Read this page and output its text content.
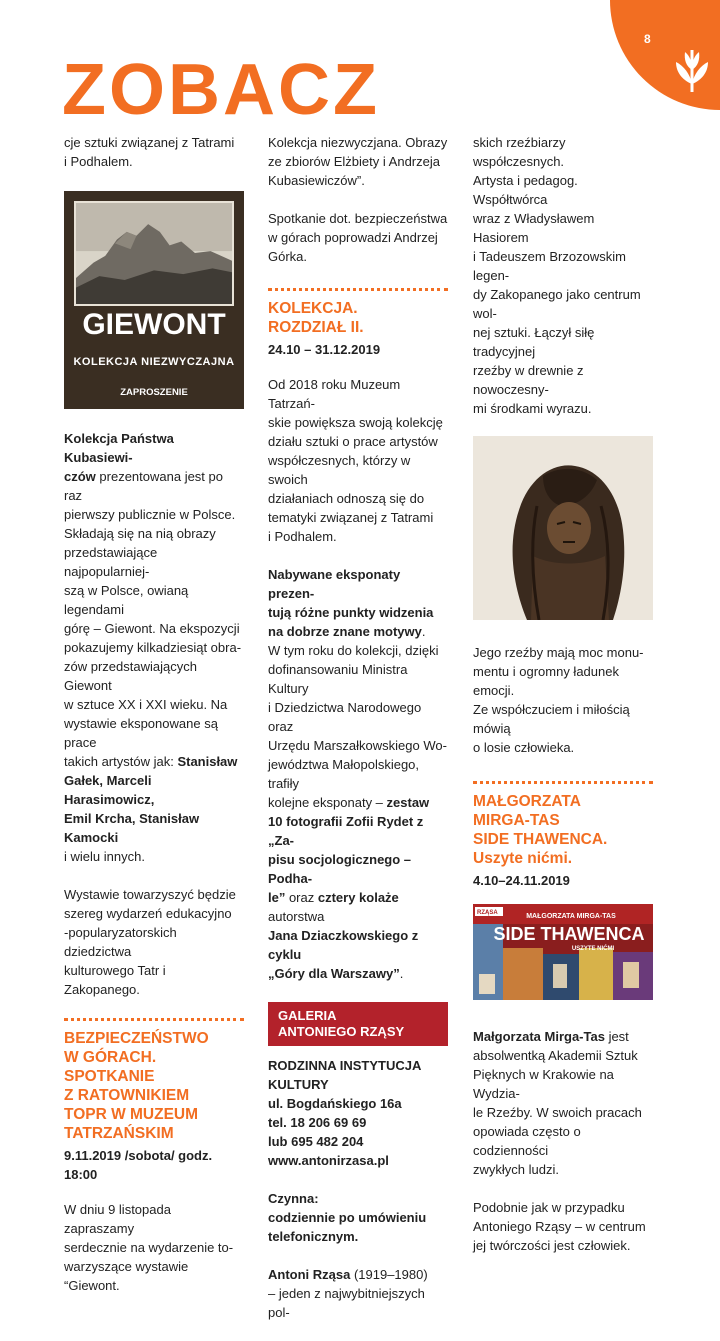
8
ZOBACZ

cje sztuki związanej z Tatrami
i Podhalem.

GIEWONT
KOLEKCJA NIEZWYCZAJNA
ZAPROSZENIE

Kolekcja Państwa Kubasiewi-
czów prezentowana jest po raz
pierwszy publicznie w Polsce.
Składają się na nią obrazy
przedstawiające najpopularniej-
szą w Polsce, owianą legendami
górę – Giewont. Na ekspozycji
pokazujemy kilkadziesiąt obra-
zów przedstawiających Giewont
w sztuce XX i XXI wieku. Na
wystawie eksponowane są prace
takich artystów jak: Stanisław
Gałek, Marceli Harasimowicz,
Emil Krcha, Stanisław Kamocki
i wielu innych.

Wystawie towarzyszyć będzie
szereg wydarzeń edukacyjno
-popularyzatorskich dziedzictwa
kulturowego Tatr i Zakopanego.

BEZPIECZEŃSTWO
W GÓRACH.
SPOTKANIE
Z RATOWNIKIEM
TOPR W MUZEUM
TATRZAŃSKIM
9.11.2019 /sobota/ godz. 18:00

W dniu 9 listopada zapraszamy
serdecznie na wydarzenie to-
warzyszące wystawie “Giewont.

Kolekcja niezwyczjana. Obrazy
ze zbiorów Elżbiety i Andrzeja
Kubasiewiczów”.

Spotkanie dot. bezpieczeństwa
w górach poprowadzi Andrzej
Górka.

KOLEKCJA.
ROZDZIAŁ II.
24.10 – 31.12.2019

Od 2018 roku Muzeum Tatrzań-
skie powiększa swoją kolekcję
działu sztuki o prace artystów
współczesnych, którzy w swoich
działaniach odnoszą się do
tematyki związanej z Tatrami
i Podhalem.

Nabywane eksponaty prezen-
tują różne punkty widzenia
na dobrze znane motywy.
W tym roku do kolekcji, dzięki
dofinansowaniu Ministra Kultury
i Dziedzictwa Narodowego oraz
Urzędu Marszałkowskiego Wo-
jewództwa Małopolskiego, trafiły
kolejne eksponaty – zestaw
10 fotografii Zofii Rydet z „Za-
pisu socjologicznego – Podha-
le” oraz cztery kolaże autorstwa
Jana Dziaczkowskiego z cyklu
„Góry dla Warszawy”.

GALERIA
ANTONIEGO RZĄSY

RODZINNA INSTYTUCJA
KULTURY
ul. Bogdańskiego 16a
tel. 18 206 69 69
lub 695 482 204
www.antonirzasa.pl

Czynna:
codziennie po umówieniu
telefonicznym.

Antoni Rząsa (1919–1980)
– jeden z najwybitniejszych pol-

skich rzeźbiarzy współczesnych.
Artysta i pedagog. Współtwórca
wraz z Władysławem Hasiorem
i Tadeuszem Brzozowskim legen-
dy Zakopanego jako centrum wol-
nej sztuki. Łączył siłę tradycyjnej
rzeźby w drewnie z nowoczesny-
mi środkami wyrazu.

Jego rzeźby mają moc monu-
mentu i ogromny ładunek emocji.
Ze współczuciem i miłością mówią
o losie człowieka.

MAŁGORZATA
MIRGA-TAS
SIDE THAWENCA.
Uszyte nićmi.
4.10–24.11.2019
RZĄSA	MAŁGORZATA MIRGA-TAS
SIDE THAWENCA
USZYTE NIĆMI

Małgorzata Mirga-Tas jest
absolwentką Akademii Sztuk
Pięknych w Krakowie na Wydzia-
le Rzeźby. W swoich pracach
opowiada często o codzienności
zwykłych ludzi.

Podobnie jak w przypadku
Antoniego Rząsy – w centrum
jej twórczości jest człowiek.
